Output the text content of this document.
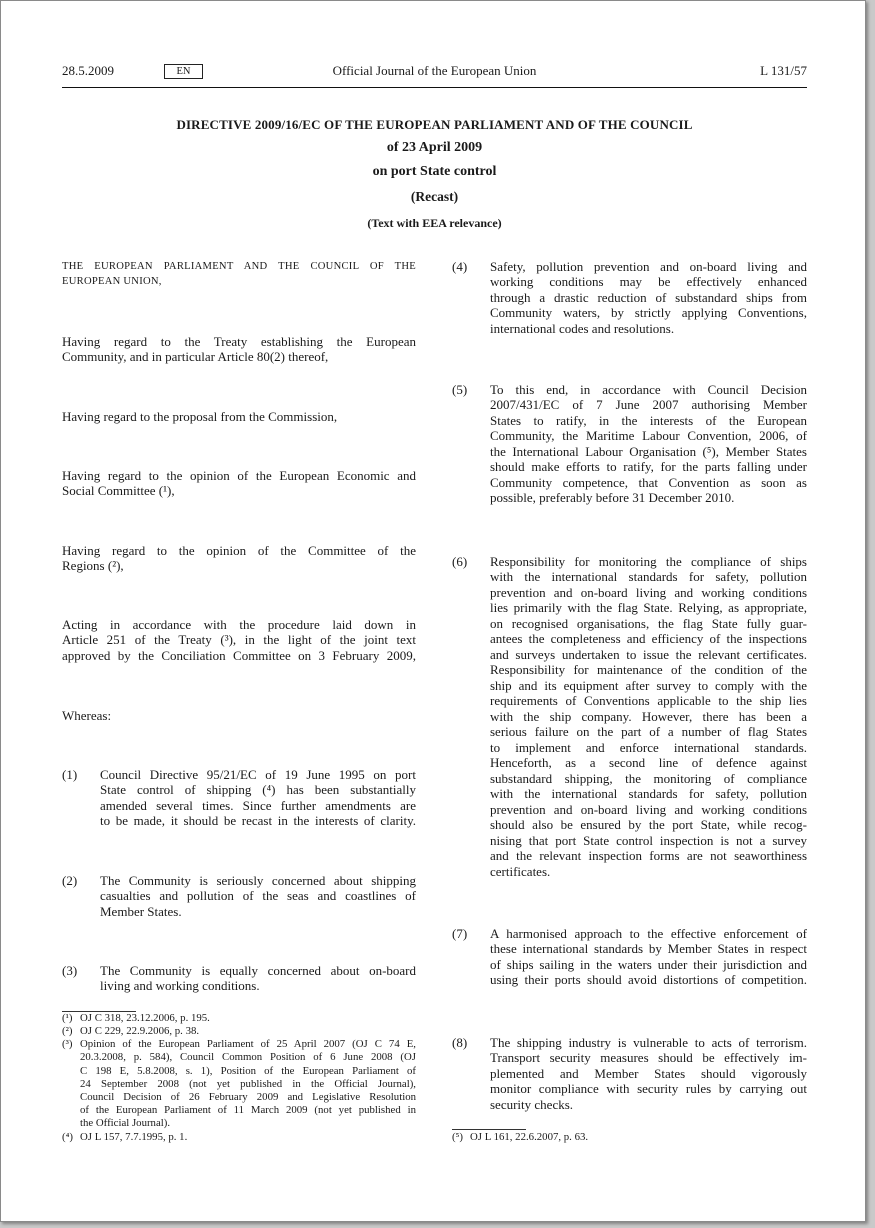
28.5.2009	EN	Official Journal of the European Union	L 131/57
DIRECTIVE 2009/16/EC OF THE EUROPEAN PARLIAMENT AND OF THE COUNCIL
of 23 April 2009
on port State control
(Recast)
(Text with EEA relevance)
THE EUROPEAN PARLIAMENT AND THE COUNCIL OF THE
EUROPEAN UNION,
Having regard to the Treaty establishing the European
Community, and in particular Article 80(2) thereof,
Having regard to the proposal from the Commission,
Having regard to the opinion of the European Economic and
Social Committee (¹),
Having regard to the opinion of the Committee of the
Regions (²),
Acting in accordance with the procedure laid down in
Article 251 of the Treaty (³), in the light of the joint text
approved by the Conciliation Committee on 3 February 2009,
Whereas:
(1) Council Directive 95/21/EC of 19 June 1995 on port
State control of shipping (⁴) has been substantially
amended several times. Since further amendments are
to be made, it should be recast in the interests of clarity.
(2) The Community is seriously concerned about shipping
casualties and pollution of the seas and coastlines of
Member States.
(3) The Community is equally concerned about on-board
living and working conditions.
(4) Safety, pollution prevention and on-board living and
working conditions may be effectively enhanced
through a drastic reduction of substandard ships from
Community waters, by strictly applying Conventions,
international codes and resolutions.
(5) To this end, in accordance with Council Decision
2007/431/EC of 7 June 2007 authorising Member
States to ratify, in the interests of the European
Community, the Maritime Labour Convention, 2006, of
the International Labour Organisation (⁵), Member States
should make efforts to ratify, for the parts falling under
Community competence, that Convention as soon as
possible, preferably before 31 December 2010.
(6) Responsibility for monitoring the compliance of ships
with the international standards for safety, pollution
prevention and on-board living and working conditions
lies primarily with the flag State. Relying, as appropriate,
on recognised organisations, the flag State fully guar-
antees the completeness and efficiency of the inspections
and surveys undertaken to issue the relevant certificates.
Responsibility for maintenance of the condition of the
ship and its equipment after survey to comply with the
requirements of Conventions applicable to the ship lies
with the ship company. However, there has been a
serious failure on the part of a number of flag States
to implement and enforce international standards.
Henceforth, as a second line of defence against
substandard shipping, the monitoring of compliance
with the international standards for safety, pollution
prevention and on-board living and working conditions
should also be ensured by the port State, while recog-
nising that port State control inspection is not a survey
and the relevant inspection forms are not seaworthiness
certificates.
(7) A harmonised approach to the effective enforcement of
these international standards by Member States in respect
of ships sailing in the waters under their jurisdiction and
using their ports should avoid distortions of competition.
(8) The shipping industry is vulnerable to acts of terrorism.
Transport security measures should be effectively im-
plemented and Member States should vigorously
monitor compliance with security rules by carrying out
security checks.
(¹) OJ C 318, 23.12.2006, p. 195.
(²) OJ C 229, 22.9.2006, p. 38.
(³) Opinion of the European Parliament of 25 April 2007 (OJ C 74 E,
20.3.2008, p. 584), Council Common Position of 6 June 2008 (OJ
C 198 E, 5.8.2008, s. 1), Position of the European Parliament of
24 September 2008 (not yet published in the Official Journal),
Council Decision of 26 February 2009 and Legislative Resolution
of the European Parliament of 11 March 2009 (not yet published in
the Official Journal).
(⁴) OJ L 157, 7.7.1995, p. 1.	(⁵) OJ L 161, 22.6.2007, p. 63.
